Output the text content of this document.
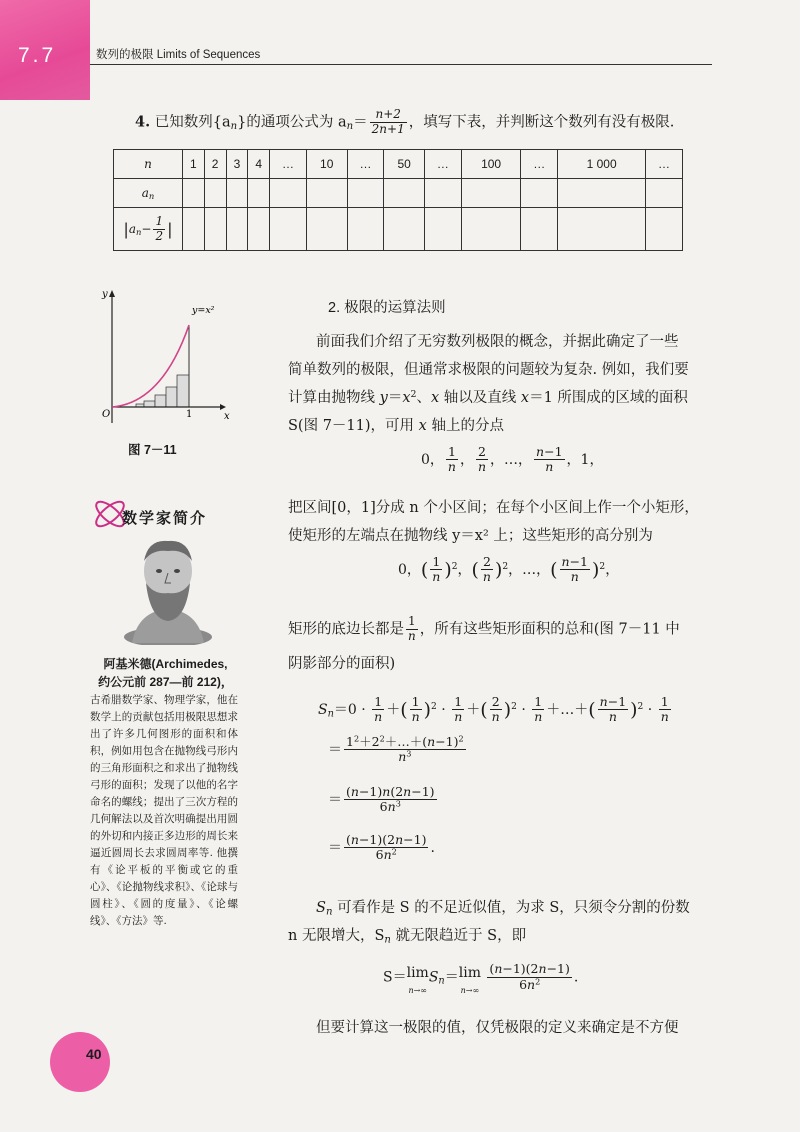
7.7	数列的极限 Limits of Sequences
4. 已知数列$\{a_n\}$的通项公式为 $a_n= \frac{n+2}{2n+1}$ ，填写下表，并判断这个数列有没有极限.
n	1	2	3	4	…	10	…	50	…	100	…	1 000	…
$a_n$													
$|a_n- \frac{1}{2}$ |													
y
x
O	1
y=x²
图 7－11
数学家简介
阿基米德(Archimedes,
约公元前 287—前 212)，
古希腊数学家、物理学家，他在数学上的贡献包括用极限思想求出了许多几何图形的面积和体积，例如用包含在抛物线弓形内的三角形面积之和求出了抛物线弓形的面积；发现了以他的名字命名的螺线；提出了三次方程的几何解法以及首次明确提出用圆的外切和内接正多边形的周长来逼近圆周长去求圆周率等. 他撰有《论平板的平衡或它的重心》、《论抛物线求积》、《论球与圆柱》、《圆的度量》、《论螺线》、《方法》等.
2. 极限的运算法则
前面我们介绍了无穷数列极限的概念，并据此确定了一些
简单数列的极限，但通常求极限的问题较为复杂. 例如，我们要
计算由抛物线 $y=x^2$、x 轴以及直线 x＝1 所围成的区域的面积
S(图 7－11)，可用 x 轴上的分点
0， $\frac{1}{n}$ ， $\frac{2}{n}$ ，…， $\frac{n-1}{n}$ ，1，
把区间[0，1]分成 n 个小区间；在每个小区间上作一个小矩形，
使矩形的左端点在抛物线 y＝x² 上；这些矩形的高分别为
0，( $\frac{1}{n} )^2$，( $\frac{2}{n} )^2$，…，( $\frac{n-1}{n} )^2$，
矩形的底边长都是 $\frac{1}{n}$ ，所有这些矩形面积的总和(图 7－11 中
阴影部分的面积)
$S_n=0 \cdot \frac{1}{n}$ ＋( $\frac{1}{n} )^2 \cdot \frac{1}{n}$ ＋( $\frac{2}{n} )^2 \cdot \frac{1}{n}$ ＋…＋( $\frac{n-1}{n} )^2 \cdot \frac{1}{n}$
＝ $\frac{1^2+2^2+\dots+(n-1)^2}{n^3}$
＝ $\frac{(n-1)n(2n-1)}{6n^3}$
＝ $\frac{(n-1)(2n-1)}{6n^2}$ .
$S_n$ 可看作是 S 的不足近似值，为求 S，只须令分割的份数
n 无限增大，$S_n$ 就无限趋近于 S，即
S＝ lim
n→∞
$S_n= \lim$
n→∞
$\frac{(n-1)(2n-1)}{6n^2}$ .
但要计算这一极限的值，仅凭极限的定义来确定是不方便
40
